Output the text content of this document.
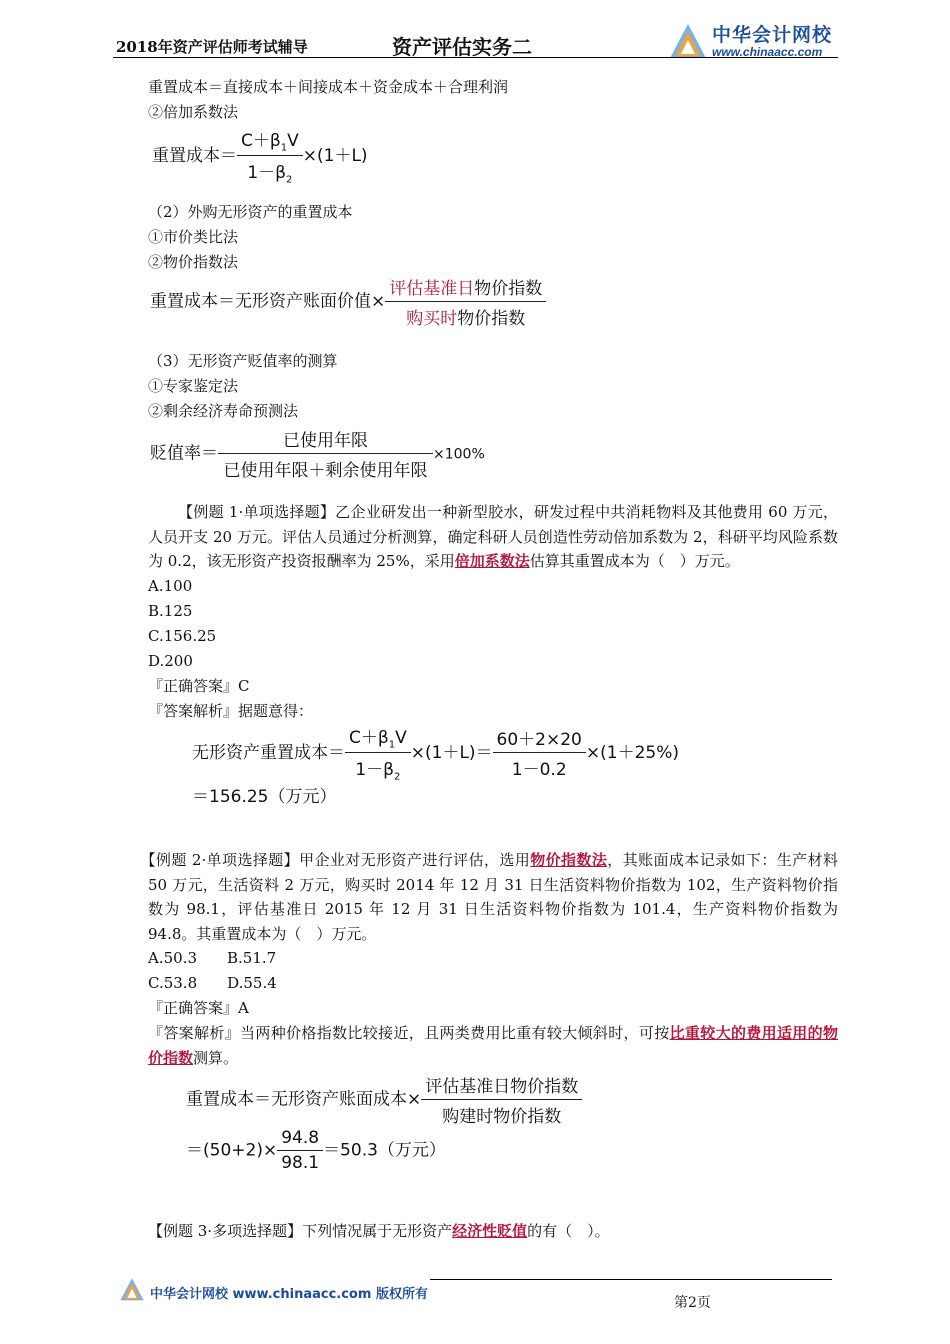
2018年资产评估师考试辅导	资产评估实务二	中华会计网校
www.chinaacc.com
重置成本＝直接成本＋间接成本＋资金成本＋合理利润
②倍加系数法
重置成本＝ $\frac{C+\beta_1V}{1-\beta_2} \times(1+L)$
（2）外购无形资产的重置成本
①市价类比法
②物价指数法
重置成本＝无形资产账面价值× $\frac{\text{评估基准日物价指数}}{\text{购买时物价指数}}$
（3）无形资产贬值率的测算
①专家鉴定法
②剩余经济寿命预测法
贬值率＝ $\frac{\text{已使用年限}}{\text{已使用年限＋剩余使用年限}} \times 100\%$
【例题 1·单项选择题】乙企业研发出一种新型胶水，研发过程中共消耗物料及其他费用 60 万元，人员开支 20 万元。评估人员通过分析测算，确定科研人员创造性劳动倍加系数为 2，科研平均风险系数为 0.2，该无形资产投资报酬率为 25%，采用倍加系数法估算其重置成本为（　）万元。
A.100
B.125
C.156.25
D.200
『正确答案』C
『答案解析』据题意得：
无形资产重置成本＝ $\frac{C+\beta_1V}{1-\beta_2} \times(1+L)= \frac{60+2\times 20}{1-0.2} \times(1+25\%)$
＝156.25（万元）
【例题 2·单项选择题】甲企业对无形资产进行评估，选用物价指数法，其账面成本记录如下：生产材料 50 万元，生活资料 2 万元，购买时 2014 年 12 月 31 日生活资料物价指数为 102，生产资料物价指数为 98.1，评估基准日 2015 年 12 月 31 日生活资料物价指数为 101.4，生产资料物价指数为 94.8。其重置成本为（　）万元。
A.50.3　　B.51.7
C.53.8　　D.55.4
『正确答案』A
『答案解析』当两种价格指数比较接近，且两类费用比重有较大倾斜时，可按比重较大的费用适用的物价指数测算。
重置成本＝无形资产账面成本× $\frac{\text{评估基准日物价指数}}{\text{购建时物价指数}}$
$=(50+2)\times \frac{94.8}{98.1} =50.3$（万元）
【例题 3·多项选择题】下列情况属于无形资产经济性贬值的有（　）。
中华会计网校 www.chinaacc.com 版权所有
第2页
